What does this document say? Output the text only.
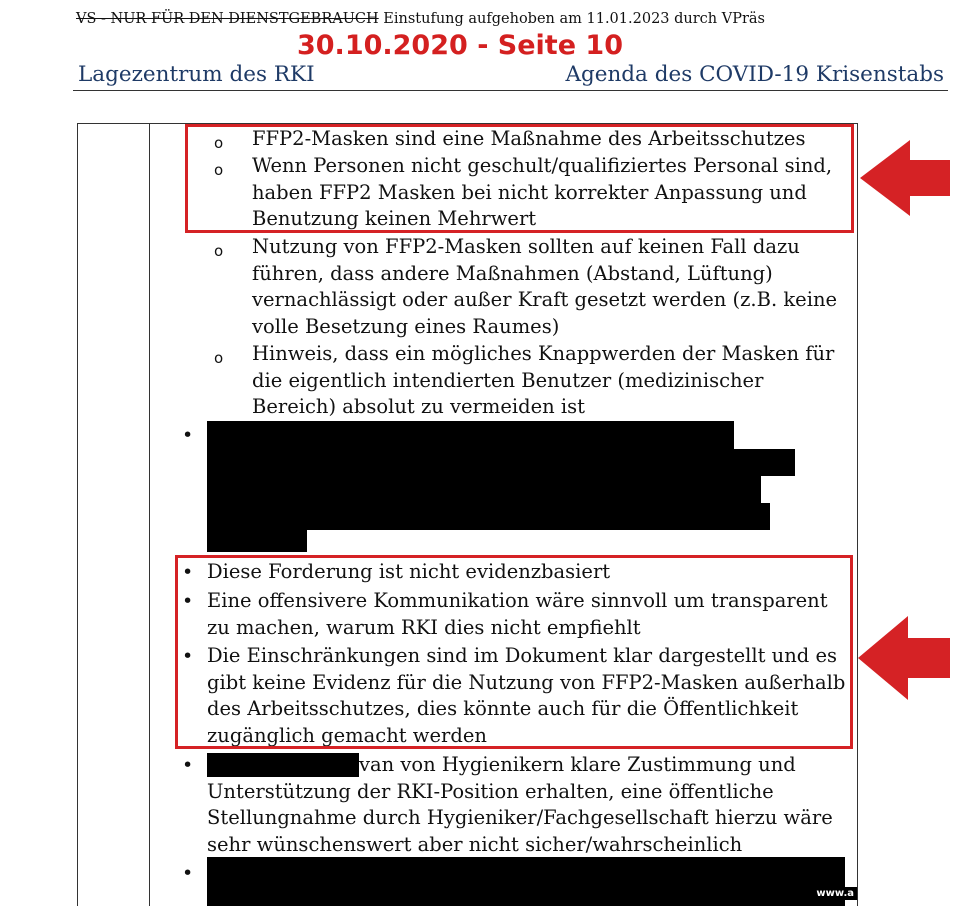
VS - NUR FÜR DEN DIENSTGEBRAUCH Einstufung aufgehoben am 11.01.2023 durch VPräs
30.10.2020 - Seite 10
Lagezentrum des RKI	Agenda des COVID-19 Krisenstabs
o FFP2-Masken sind eine Maßnahme des Arbeitsschutzes
o Wenn Personen nicht geschult/qualifiziertes Personal sind, haben FFP2 Masken bei nicht korrekter Anpassung und Benutzung keinen Mehrwert
o Nutzung von FFP2-Masken sollten auf keinen Fall dazu führen, dass andere Maßnahmen (Abstand, Lüftung) vernachlässigt oder außer Kraft gesetzt werden (z.B. keine volle Besetzung eines Raumes)
o Hinweis, dass ein mögliches Knappwerden der Masken für die eigentlich intendierten Benutzer (medizinischer Bereich) absolut zu vermeiden ist
•
• Diese Forderung ist nicht evidenzbasiert
• Eine offensivere Kommunikation wäre sinnvoll um transparent zu machen, warum RKI dies nicht empfiehlt
• Die Einschränkungen sind im Dokument klar dargestellt und es gibt keine Evidenz für die Nutzung von FFP2-Masken außerhalb des Arbeitsschutzes, dies könnte auch für die Öffentlichkeit zugänglich gemacht werden
•	van von Hygienikern klare Zustimmung und Unterstützung der RKI-Position erhalten, eine öffentliche Stellungnahme durch Hygieniker/Fachgesellschaft hierzu wäre sehr wünschenswert aber nicht sicher/wahrscheinlich
•
www.a
